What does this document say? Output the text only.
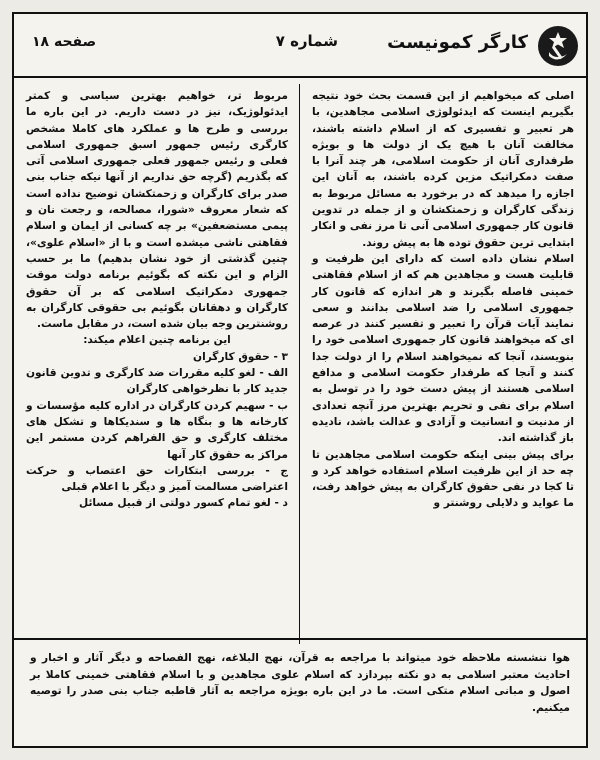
کارگر کمونیست
شماره ۷
صفحه ۱۸

اصلی که میخواهیم از این قسمت بحث خود نتیجه بگیریم اینست که ایدئولوژی اسلامی مجاهدین، با هر تعبیر و تفسیری که از اسلام داشته باشند، مخالفت آنان با هیچ یک از دولت ها و بویژه طرفداری آنان از حکومت اسلامی، هر چند آنرا با صفت دمکراتیک مزین کرده باشند، به آنان این اجازه را میدهد که در برخورد به مسائل مربوط به زندگی کارگران و زحمتکشان و از جمله در تدوین قانون کار جمهوری اسلامی آنی تا مرز نفی و انکار ابتدایی ترین حقوق توده ها به پیش روند.

اسلام نشان داده است که دارای این ظرفیت و قابلیت هست و مجاهدین هم که از اسلام فقاهتی خمینی فاصله بگیرند و هر اندازه که قانون کار جمهوری اسلامی را ضد اسلامی بدانند و سعی نمایند آیات قرآن را تعبیر و تفسیر کنند در عرصه ای که میخواهند قانون کار جمهوری اسلامی خود را بنویسند، آنجا که نمیخواهند اسلام را از دولت جدا کنند و آنجا که طرفدار حکومت اسلامی و مدافع اسلامی هستند از پیش دست خود را در توسل به اسلام برای نفی و تحریم بهترین مرز آنچه تعدادی از مدنیت و انسانیت و آزادی و عدالت باشد، نادیده باز گذاشته اند.

برای پیش بینی اینکه حکومت اسلامی مجاهدین تا چه حد از این ظرفیت اسلام استفاده خواهد کرد و تا کجا در نفی حقوق کارگران به پیش خواهد رفت، ما عواید و دلایلی روشنتر و

مربوط تر، خواهیم بهترین سیاسی و کمتر ایدئولوژیک، نیز در دست داریم. در این باره ما بررسی و طرح ها و عملکرد های کاملا مشخص کارگری رئیس جمهور اسبق جمهوری اسلامی فعلی و رئیس جمهور فعلی جمهوری اسلامی آتی که بگذریم (گرچه حق نداریم از آنها نیکه جناب بنی صدر برای کارگران و زحمتکشان توضیح نداده است که شعار معروف «شورا، مصالحه، و رجعت نان و پیمی مستضعفین» بر چه کسانی از ایمان و اسلام فقاهتی ناشی میشده است و با از «اسلام علوی»، چنین گذشتی از خود نشان بدهیم) ما بر حسب الزام و این نکته که بگوئیم برنامه دولت موقت جمهوری دمکراتیک اسلامی که بر آن حقوق کارگران و دهقانان بگوئیم بی حقوقی کارگران به روشنترین وجه بیان شده است، در مقابل ماست.

این برنامه چنین اعلام میکند:

۳ - حقوق کارگران

الف - لغو کلیه مقررات ضد کارگری و تدوین قانون جدید کار با نظرخواهی کارگران

ب - سهیم کردن کارگران در اداره کلیه مؤسسات و کارخانه ها و بنگاه ها و سندیکاها و تشکل های مختلف کارگری و حق الفراهم کردن مستمر این مراکز به حقوق کار آنها

ج - بررسی ابتکارات حق اعتصاب و حرکت اعتراضی مسالمت آمیز و دیگر با اعلام قبلی

د - لغو تمام کسور دولتی از قبیل مسائل

هوا ننشسته ملاحظه خود میتواند با مراجعه به قرآن، نهج البلاغه، نهج الفصاحه و دیگر آثار و اخبار و احادیث معتبر اسلامی به دو نکته بپردازد که اسلام علوی مجاهدین و با اسلام فقاهتی خمینی کاملا بر اصول و مبانی اسلام متکی است. ما در این باره بویژه مراجعه به آثار قاطبه جناب بنی صدر را توصیه میکنیم.
